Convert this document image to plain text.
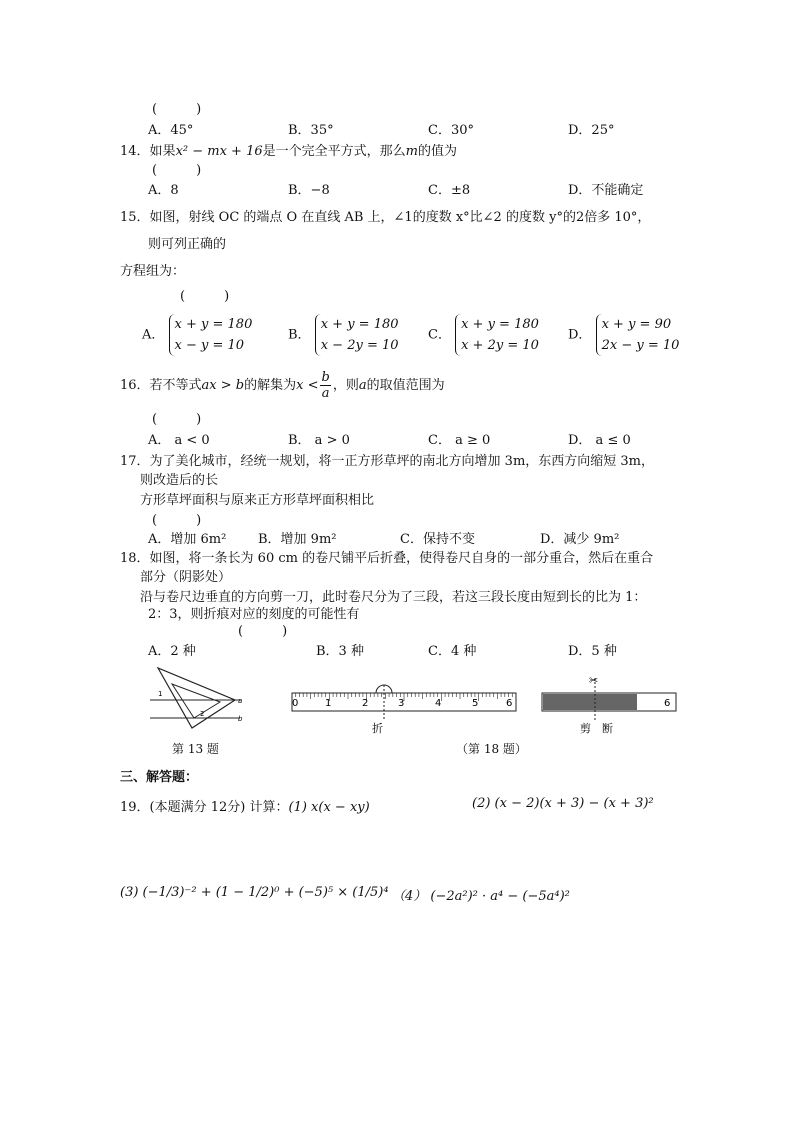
(　　　)
A．45°	B．35°	C．30°	D．25°
14．如果x² − mx + 16是一个完全平方式，那么m的值为
(　　　)
A．8	B．−8	C．±8	D．不能确定
15．如图，射线 OC 的端点 O 在直线 AB 上，∠1的度数 x°比∠2 的度数 y°的2倍多 10°，
则可列正确的
方程组为：
(　　　)
A． x + y = 180
x − y = 10
B． x + y = 180
x − 2y = 10
C． x + y = 180
x + 2y = 10
D． x + y = 90
2x − y = 10
16．若不等式ax > b的解集为$x < \frac{b}{a}$ ，则a的取值范围为
(　　　)
A． a < 0	B． a > 0	C． a ≥ 0	D． a ≤ 0
17．为了美化城市，经统一规划，将一正方形草坪的南北方向增加 3m，东西方向缩短 3m，
则改造后的长
方形草坪面积与原来正方形草坪面积相比
(　　　)
A．增加 6m² B．增加 9m²	C．保持不变	D．减少 9m²
18．如图，将一条长为 60 cm 的卷尺铺平后折叠，使得卷尺自身的一部分重合，然后在重合
部分（阴影处）
沿与卷尺边垂直的方向剪一刀，此时卷尺分为了三段，若这三段长度由短到长的比为 1：
2：3，则折痕对应的刻度的可能性有
(　　　)
A．2 种	B．3 种	C．4 种	D．5 种
1
2
a
b
0	1	2	3	4	5	6
折
✂
6
剪　断
第 13 题	（第 18 题）
三、解答题：
19．(本题满分 12分) 计算：(1) x(x − xy)	(2) (x − 2)(x + 3) − (x + 3)²
(3) (−1/3)⁻² + (1 − 1/2)⁰ + (−5)⁵ × (1/5)⁴ （4） (−2a²)² · a⁴ − (−5a⁴)²
